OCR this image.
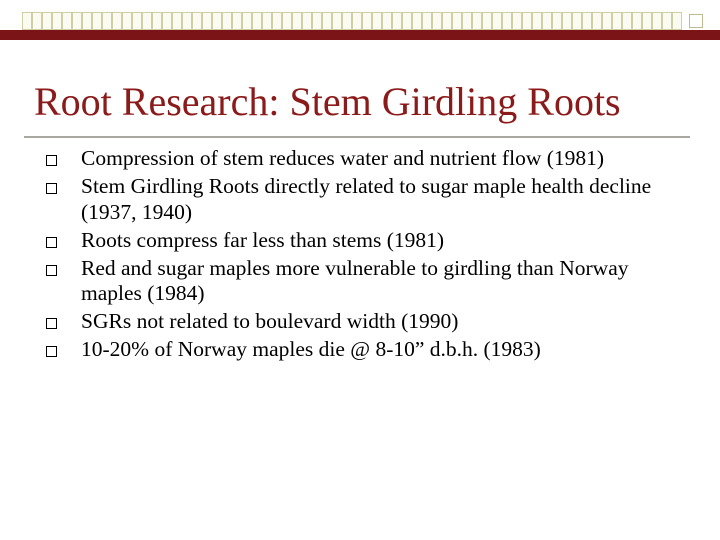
Root Research: Stem Girdling Roots
Compression of stem reduces water and nutrient flow (1981)
Stem Girdling Roots directly related to sugar maple health decline (1937, 1940)
Roots compress far less than stems (1981)
Red and sugar maples more vulnerable to girdling than Norway maples (1984)
SGRs not related to boulevard width (1990)
10-20% of Norway maples die @ 8-10” d.b.h. (1983)
